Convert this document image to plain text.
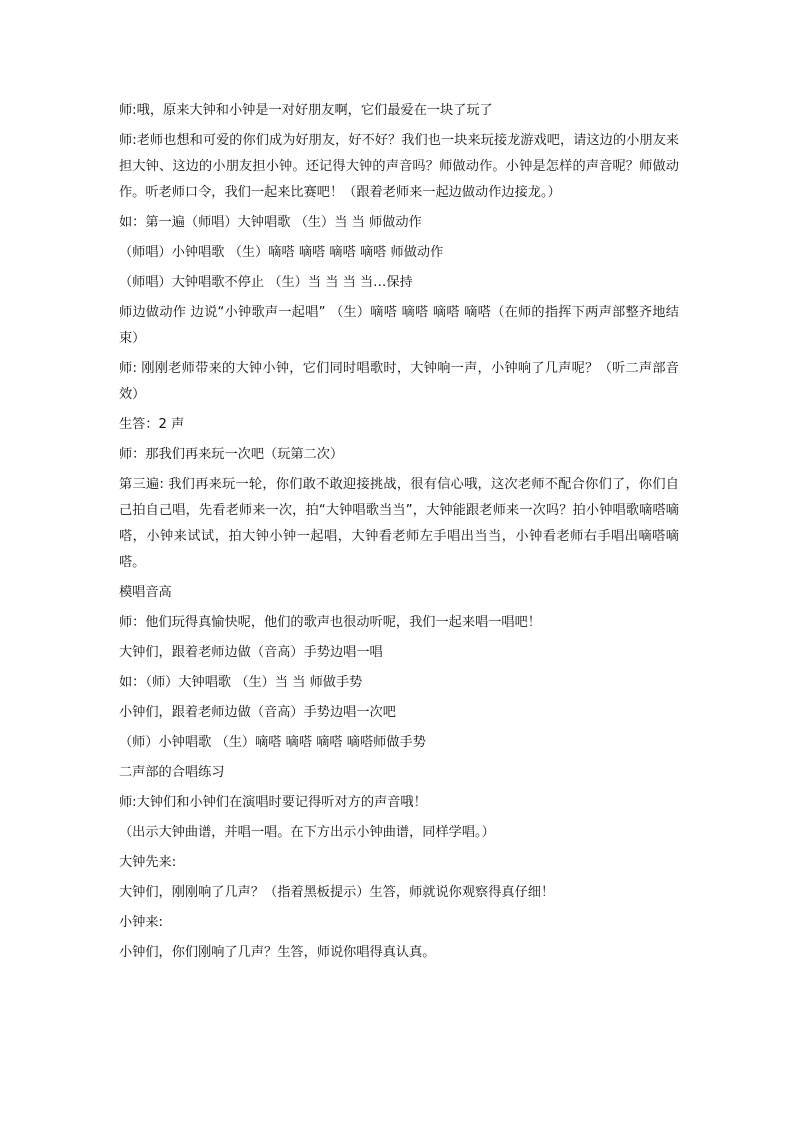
师:哦，原来大钟和小钟是一对好朋友啊，它们最爱在一块了玩了

师:老师也想和可爱的你们成为好朋友，好不好？我们也一块来玩接龙游戏吧，请这边的小朋友来担大钟、这边的小朋友担小钟。还记得大钟的声音吗？师做动作。小钟是怎样的声音呢？师做动作。听老师口令，我们一起来比赛吧！（跟着老师来一起边做动作边接龙。）

如：第一遍（师唱）大钟唱歌 （生）当 当 师做动作

（师唱）小钟唱歌 （生）嘀嗒 嘀嗒 嘀嗒 嘀嗒 师做动作

（师唱）大钟唱歌不停止 （生）当 当 当 当…保持

师边做动作 边说“小钟歌声一起唱” （生）嘀嗒 嘀嗒 嘀嗒 嘀嗒（在师的指挥下两声部整齐地结束）

师: 刚刚老师带来的大钟小钟，它们同时唱歌时，大钟响一声，小钟响了几声呢？（听二声部音效）

生答：2 声

师：那我们再来玩一次吧（玩第二次）

第三遍: 我们再来玩一轮，你们敢不敢迎接挑战，很有信心哦，这次老师不配合你们了，你们自己拍自己唱，先看老师来一次，拍“大钟唱歌当当”，大钟能跟老师来一次吗？拍小钟唱歌嘀嗒嘀嗒，小钟来试试，拍大钟小钟一起唱，大钟看老师左手唱出当当，小钟看老师右手唱出嘀嗒嘀嗒。

模唱音高

师：他们玩得真愉快呢，他们的歌声也很动听呢，我们一起来唱一唱吧！

大钟们，跟着老师边做（音高）手势边唱一唱

如：（师）大钟唱歌 （生）当 当 师做手势

小钟们，跟着老师边做（音高）手势边唱一次吧

（师）小钟唱歌 （生）嘀嗒 嘀嗒 嘀嗒 嘀嗒师做手势

二声部的合唱练习

师:大钟们和小钟们在演唱时要记得听对方的声音哦！

（出示大钟曲谱，并唱一唱。在下方出示小钟曲谱，同样学唱。）

大钟先来:

大钟们，刚刚响了几声？（指着黑板提示）生答，师就说你观察得真仔细！

小钟来:

小钟们，你们刚响了几声？生答，师说你唱得真认真。
